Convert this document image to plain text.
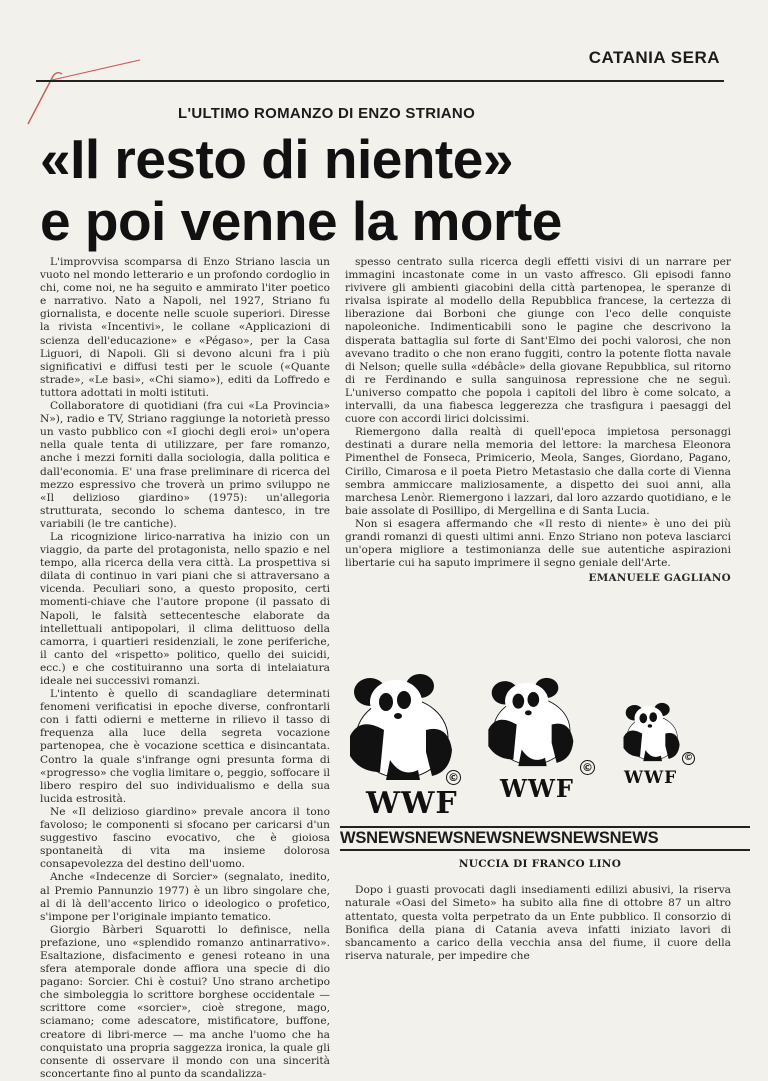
CATANIA SERA
L'ULTIMO ROMANZO DI ENZO STRIANO
«Il resto di niente»
e poi venne la morte

L'improvvisa scomparsa di Enzo Striano lascia un vuoto nel mondo letterario e un profondo cordoglio in chi, come noi, ne ha seguito e ammirato l'iter poetico e narrativo. Nato a Napoli, nel 1927, Striano fu giornalista, e docente nelle scuole superiori. Diresse la rivista «Incentivi», le collane «Applicazioni di scienza dell'educazione» e «Pégaso», per la Casa Liguori, di Napoli. Gli si devono alcuni fra i più significativi e diffusi testi per le scuole («Quante strade», «Le basi», «Chi siamo»), editi da Loffredo e tuttora adottati in molti istituti.

Collaboratore di quotidiani (fra cui «La Provincia» N»), radio e TV, Striano raggiunge la notorietà presso un vasto pubblico con «I giochi degli eroi» un'opera nella quale tenta di utilizzare, per fare romanzo, anche i mezzi forniti dalla sociologia, dalla politica e dall'economia. E' una frase preliminare di ricerca del mezzo espressivo che troverà un primo sviluppo ne «Il delizioso giardino» (1975): un'allegoria strutturata, secondo lo schema dantesco, in tre variabili (le tre cantiche).

La ricognizione lirico-narrativa ha inizio con un viaggio, da parte del protagonista, nello spazio e nel tempo, alla ricerca della vera città. La prospettiva si dilata di continuo in vari piani che si attraversano a vicenda. Peculiari sono, a questo proposito, certi momenti-chiave che l'autore propone (il passato di Napoli, le falsità settecentesche elaborate da intellettuali antipopolari, il clima delittuoso della camorra, i quartieri residenziali, le zone periferiche, il canto del «rispetto» politico, quello dei suicidi, ecc.) e che costituiranno una sorta di intelaiatura ideale nei successivi romanzi.

L'intento è quello di scandagliare determinati fenomeni verificatisi in epoche diverse, confrontarli con i fatti odierni e metterne in rilievo il tasso di frequenza alla luce della segreta vocazione partenopea, che è vocazione scettica e disincantata. Contro la quale s'infrange ogni presunta forma di «progresso» che voglia limitare o, peggio, soffocare il libero respiro del suo individualismo e della sua lucida estrosità.

Ne «Il delizioso giardino» prevale ancora il tono favoloso; le componenti si sfocano per caricarsi d'un suggestivo fascino evocativo, che è gioiosa spontaneità di vita ma insieme dolorosa consapevolezza del destino dell'uomo.

Anche «Indecenze di Sorcier» (segnalato, inedito, al Premio Pannunzio 1977) è un libro singolare che, al di là dell'accento lirico o ideologico o profetico, s'impone per l'originale impianto tematico.

Giorgio Bàrberi Squarotti lo definisce, nella prefazione, uno «splendido romanzo antinarrativo». Esaltazione, disfacimento e genesi roteano in una sfera atemporale donde affiora una specie di dio pagano: Sorcier. Chi è costui? Uno strano archetipo che simboleggia lo scrittore borghese occidentale — scrittore come «sorcier», cioè stregone, mago, sciamano; come adescatore, mistificatore, buffone, creatore di libri-merce — ma anche l'uomo che ha conquistato una propria saggezza ironica, la quale gli consente di osservare il mondo con una sincerità sconcertante fino al punto da scandalizza-

spesso centrato sulla ricerca degli effetti visivi di un narrare per immagini incastonate come in un vasto affresco. Gli episodi fanno rivivere gli ambienti giacobini della città partenopea, le speranze di rivalsa ispirate al modello della Repubblica francese, la certezza di liberazione dai Borboni che giunge con l'eco delle conquiste napoleoniche. Indimenticabili sono le pagine che descrivono la disperata battaglia sul forte di Sant'Elmo dei pochi valorosi, che non avevano tradito o che non erano fuggiti, contro la potente flotta navale di Nelson; quelle sulla «débâcle» della giovane Repubblica, sul ritorno di re Ferdinando e sulla sanguinosa repressione che ne seguì. L'universo compatto che popola i capitoli del libro è come solcato, a intervalli, da una fiabesca leggerezza che trasfigura i paesaggi del cuore con accordi lirici dolcissimi.

Riemergono dalla realtà di quell'epoca impietosa personaggi destinati a durare nella memoria del lettore: la marchesa Eleonora Pimenthel de Fonseca, Primicerio, Meola, Sanges, Giordano, Pagano, Cirillo, Cimarosa e il poeta Pietro Metastasio che dalla corte di Vienna sembra ammiccare maliziosamente, a dispetto dei suoi anni, alla marchesa Lenòr. Riemergono i lazzari, dal loro azzardo quotidiano, e le baie assolate di Posillipo, di Mergellina e di Santa Lucia.

Non si esagera affermando che «Il resto di niente» è uno dei più grandi romanzi di questi ultimi anni. Enzo Striano non poteva lasciarci un'opera migliore a testimonianza delle sue autentiche aspirazioni libertarie cui ha saputo imprimere il segno geniale dell'Arte.

EMANUELE GAGLIANO
©
WWF
©
WWF
©
WWF
WSNEWSNEWSNEWSNEWSNEWSNEWS
NUCCIA DI FRANCO LINO

Dopo i guasti provocati dagli insediamenti edilizi abusivi, la riserva naturale «Oasi del Simeto» ha subito alla fine di ottobre 87 un altro attentato, questa volta perpetrato da un Ente pubblico. Il consorzio di Bonifica della piana di Catania aveva infatti iniziato lavori di sbancamento a carico della vecchia ansa del fiume, il cuore della riserva naturale, per impedire che
